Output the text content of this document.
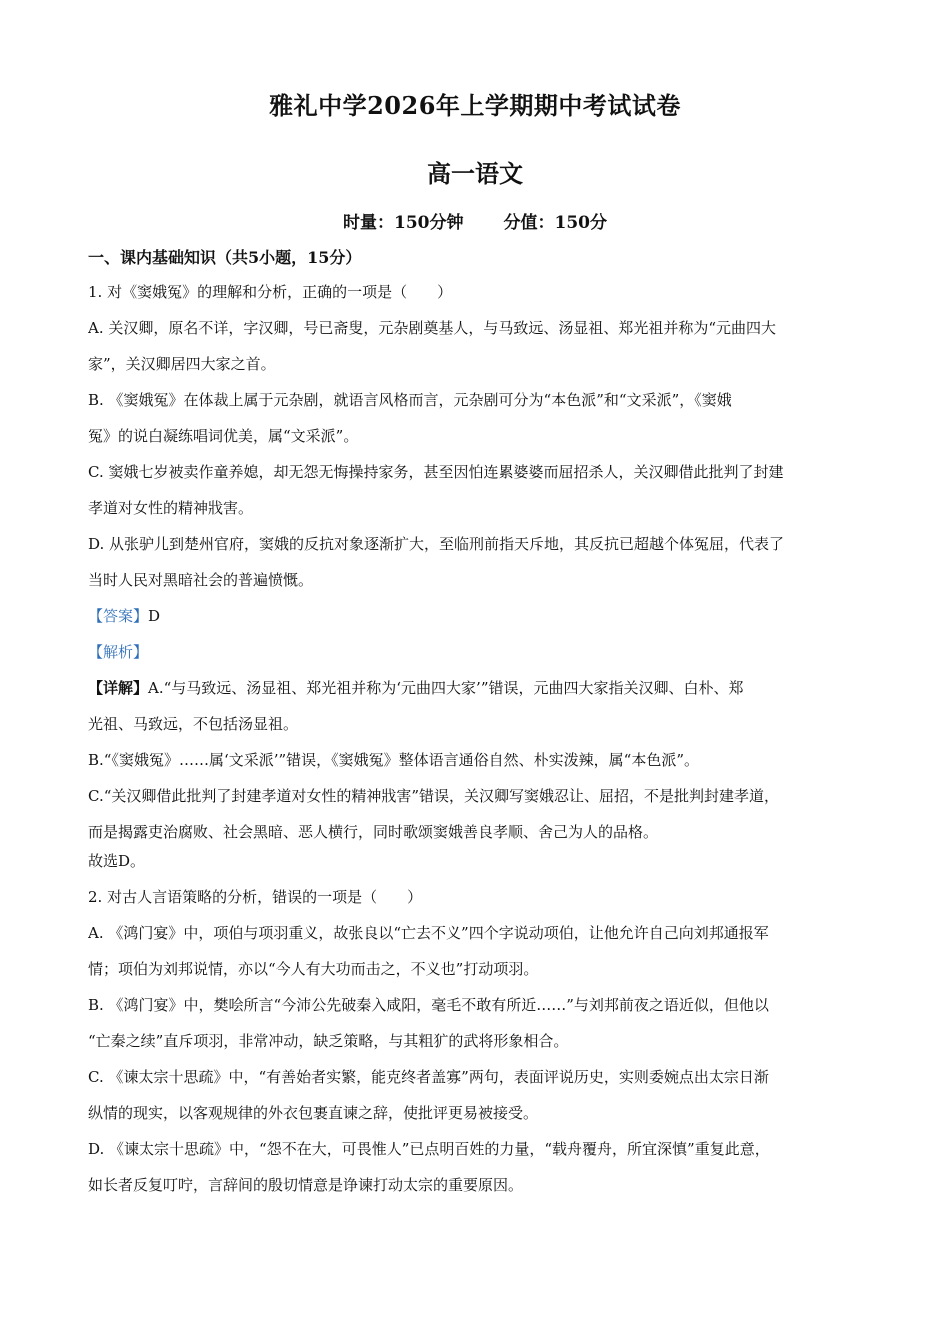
雅礼中学2026年上学期期中考试试卷
高一语文
时量：150分钟 分值：150分
一、课内基础知识（共5小题，15分）
1. 对《窦娥冤》的理解和分析，正确的一项是（　　）
A. 关汉卿，原名不详，字汉卿，号已斋叟，元杂剧奠基人，与马致远、汤显祖、郑光祖并称为“元曲四大
家”，关汉卿居四大家之首。
B. 《窦娥冤》在体裁上属于元杂剧，就语言风格而言，元杂剧可分为“本色派”和“文采派”，《窦娥
冤》的说白凝练唱词优美，属“文采派”。
C. 窦娥七岁被卖作童养媳，却无怨无悔操持家务，甚至因怕连累婆婆而屈招杀人，关汉卿借此批判了封建
孝道对女性的精神戕害。
D. 从张驴儿到楚州官府，窦娥的反抗对象逐渐扩大，至临刑前指天斥地，其反抗已超越个体冤屈，代表了
当时人民对黑暗社会的普遍愤慨。
【答案】D
【解析】
【详解】A.“与马致远、汤显祖、郑光祖并称为‘元曲四大家’”错误，元曲四大家指关汉卿、白朴、郑
光祖、马致远，不包括汤显祖。
B.“《窦娥冤》……属‘文采派’”错误，《窦娥冤》整体语言通俗自然、朴实泼辣，属“本色派”。
C.“关汉卿借此批判了封建孝道对女性的精神戕害”错误，关汉卿写窦娥忍让、屈招，不是批判封建孝道，
而是揭露吏治腐败、社会黑暗、恶人横行，同时歌颂窦娥善良孝顺、舍己为人的品格。
故选D。
2. 对古人言语策略的分析，错误的一项是（　　）
A. 《鸿门宴》中，项伯与项羽重义，故张良以“亡去不义”四个字说动项伯，让他允许自己向刘邦通报军
情；项伯为刘邦说情，亦以“今人有大功而击之，不义也”打动项羽。
B. 《鸿门宴》中，樊哙所言“今沛公先破秦入咸阳，毫毛不敢有所近……”与刘邦前夜之语近似，但他以
“亡秦之续”直斥项羽，非常冲动，缺乏策略，与其粗犷的武将形象相合。
C. 《谏太宗十思疏》中，“有善始者实繁，能克终者盖寡”两句，表面评说历史，实则委婉点出太宗日渐
纵情的现实，以客观规律的外衣包裹直谏之辞，使批评更易被接受。
D. 《谏太宗十思疏》中，“怨不在大，可畏惟人”已点明百姓的力量，“载舟覆舟，所宜深慎”重复此意，
如长者反复叮咛，言辞间的殷切情意是诤谏打动太宗的重要原因。
